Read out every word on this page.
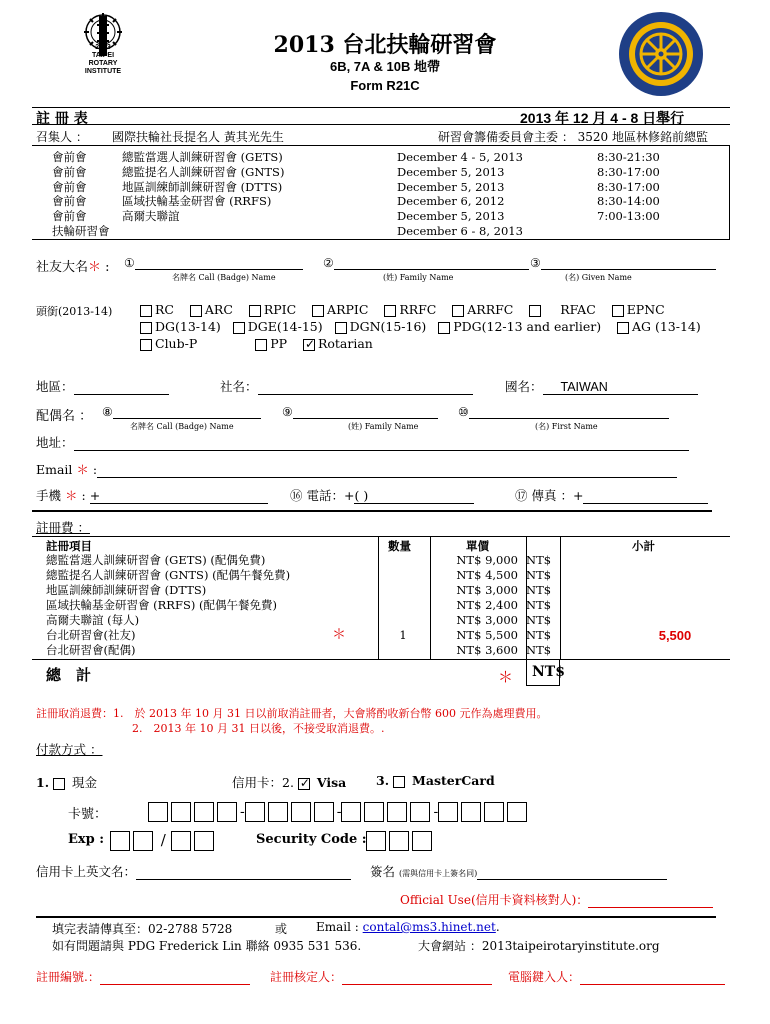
2013
TAIPEI
ROTARY
INSTITUTE
2013 台北扶輪研習會
6B, 7A & 10B 地帶
Form R21C
註 冊 表	2013 年 12 月 4 - 8 日舉行
召集人 ： 國際扶輪社長提名人 黃其光先生	研習會籌備委員會主委 ： 3520 地區林修銘前總監
會前會	總監當選人訓練研習會 (GETS)	December 4 - 5, 2013	8:30-21:30
會前會	總監提名人訓練研習會 (GNTS)	December 5, 2013	8:30-17:00
會前會	地區訓練師訓練研習會 (DTTS)	December 5, 2013	8:30-17:00
會前會	區域扶輪基金研習會 (RRFS)	December 6, 2012	8:30-14:00
會前會	高爾夫聯誼	December 5, 2013	7:00-13:00
扶輪研習會	December 6 - 8, 2013
社友大名＊ : ①	②	③
名牌名 Call (Badge) Name	(姓) Family Name	(名) Given Name
頭銜(2013-14)	RC ARC RPIC ARPIC RRFC ARRFC	RFAC EPNC
DG(13-14) DGE(14-15) DGN(15-16) PDG(12-13 and earlier) AG (13-14)
Club-P	PP ✓ Rotarian
地區：	社名：	國名： TAIWAN
配偶名 ： ⑧	⑨	⑩
名牌名 Call (Badge) Name	(姓) Family Name	(名) First Name
地址：
Email ＊ :
手機 ＊ : +	⑯ 電話：+( )	⑰ 傳真 ：+
註冊費 ：
註冊項目	數量	單價	小計
總監當選人訓練研習會 (GETS) (配偶免費)	NT$ 9,000 NT$
總監提名人訓練研習會 (GNTS) (配偶午餐免費)	NT$ 4,500 NT$
地區訓練師訓練研習會 (DTTS)	NT$ 3,000 NT$
區域扶輪基金研習會 (RRFS) (配偶午餐免費)	NT$ 2,400 NT$
高爾夫聯誼 (每人)	NT$ 3,000 NT$
台北研習會(社友)	＊	1	NT$ 5,500 NT$	5,500
台北研習會(配偶)	NT$ 3,600 NT$
總　計	＊ NT$
註冊取消退費：1.　於 2013 年 10 月 31 日以前取消註冊者，大會將酌收新台幣 600 元作為處理費用。
2.　2013 年 10 月 31 日以後，不接受取消退費。.
付款方式 ：
1. 現金	信用卡：2. ✓ Visa 3. MasterCard
卡號：	-	-	-
Exp :	/	Security Code :
信用卡上英文名：	簽名 (需與信用卡上簽名同)
Official Use(信用卡資料核對人)：
填完表請傳真至：02-2788 5728	或 Email : contal@ms3.hinet.net.
如有問題請與 PDG Frederick Lin 聯絡 0935 531 536.	大會網站 ：2013taipeirotaryinstitute.org
註冊編號.：	註冊核定人：	電腦鍵入人：
